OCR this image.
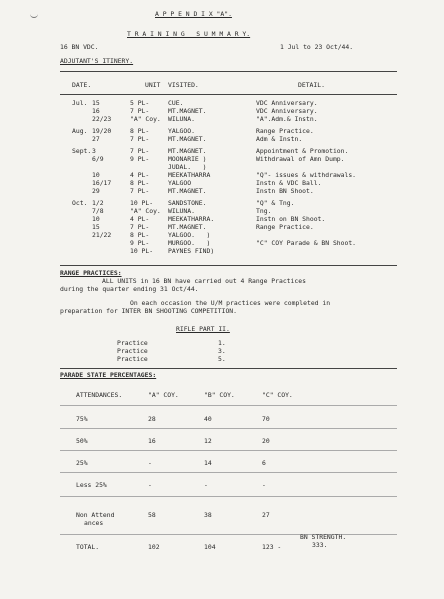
A P P E N D I X "A".
T R A I N I N G   S U M M A R Y.
16 BN VDC.	1 Jul to 23 Oct/44.
ADJUTANT'S ITINERY.
DATE.	UNIT VISITED.	DETAIL.
Jul. 15	5 PL-	CUE.	VDC Anniversary.
16	7 PL-	MT.MAGNET.	VDC Anniversary.
22/23	"A" Coy. WILUNA.	"A".Adm.& Instn.
Aug. 19/20	8 PL-	YALGOO.	Range Practice.
27	7 PL-	MT.MAGNET.	Adm & Instn.
Sept. 3	7 PL-	MT.MAGNET.	Appointment & Promotion.
6/9	9 PL-	MOONARIE )	Withdrawal of Amn Dump.
JUDAL.   )
10	4 PL-	MEEKATHARRA	"Q"- issues & withdrawals.
16/17	8 PL-	YALGOO	Instn & VDC Ball.
29	7 PL-	MT.MAGNET.	Instn BN Shoot.
Oct. 1/2	10 PL- SANDSTONE.	"Q" & Tng.
7/8	"A" Coy. WILUNA.	Tng.
10	4 PL-	MEEKATHARRA.	Instn on BN Shoot.
15	7 PL-	MT.MAGNET.	Range Practice.
21/22	8 PL-	YALGOO.   )
9 PL-	MURGOO.   )	"C" COY Parade & BN Shoot.
10 PL- PAYNES FIND)
RANGE PRACTICES:
ALL UNITS in 16 BN have carried out 4 Range Practices
during the quarter ending 31 Oct/44.
On each occasion the U/M practices were completed in
preparation for INTER BN SHOOTING COMPETITION.
RIFLE PART II.
Practice	1.
Practice	3.
Practice	5.
PARADE STATE PERCENTAGES:
ATTENDANCES.	"A" COY.	"B" COY.	"C" COY.
75%	28	40	70
50%	16	12	20
25%	-	14	6
Less 25%	-	-	-
Non Attend	58	38	27
ances
TOTAL.	102	104	123 -
BN STRENGTH.
333.
